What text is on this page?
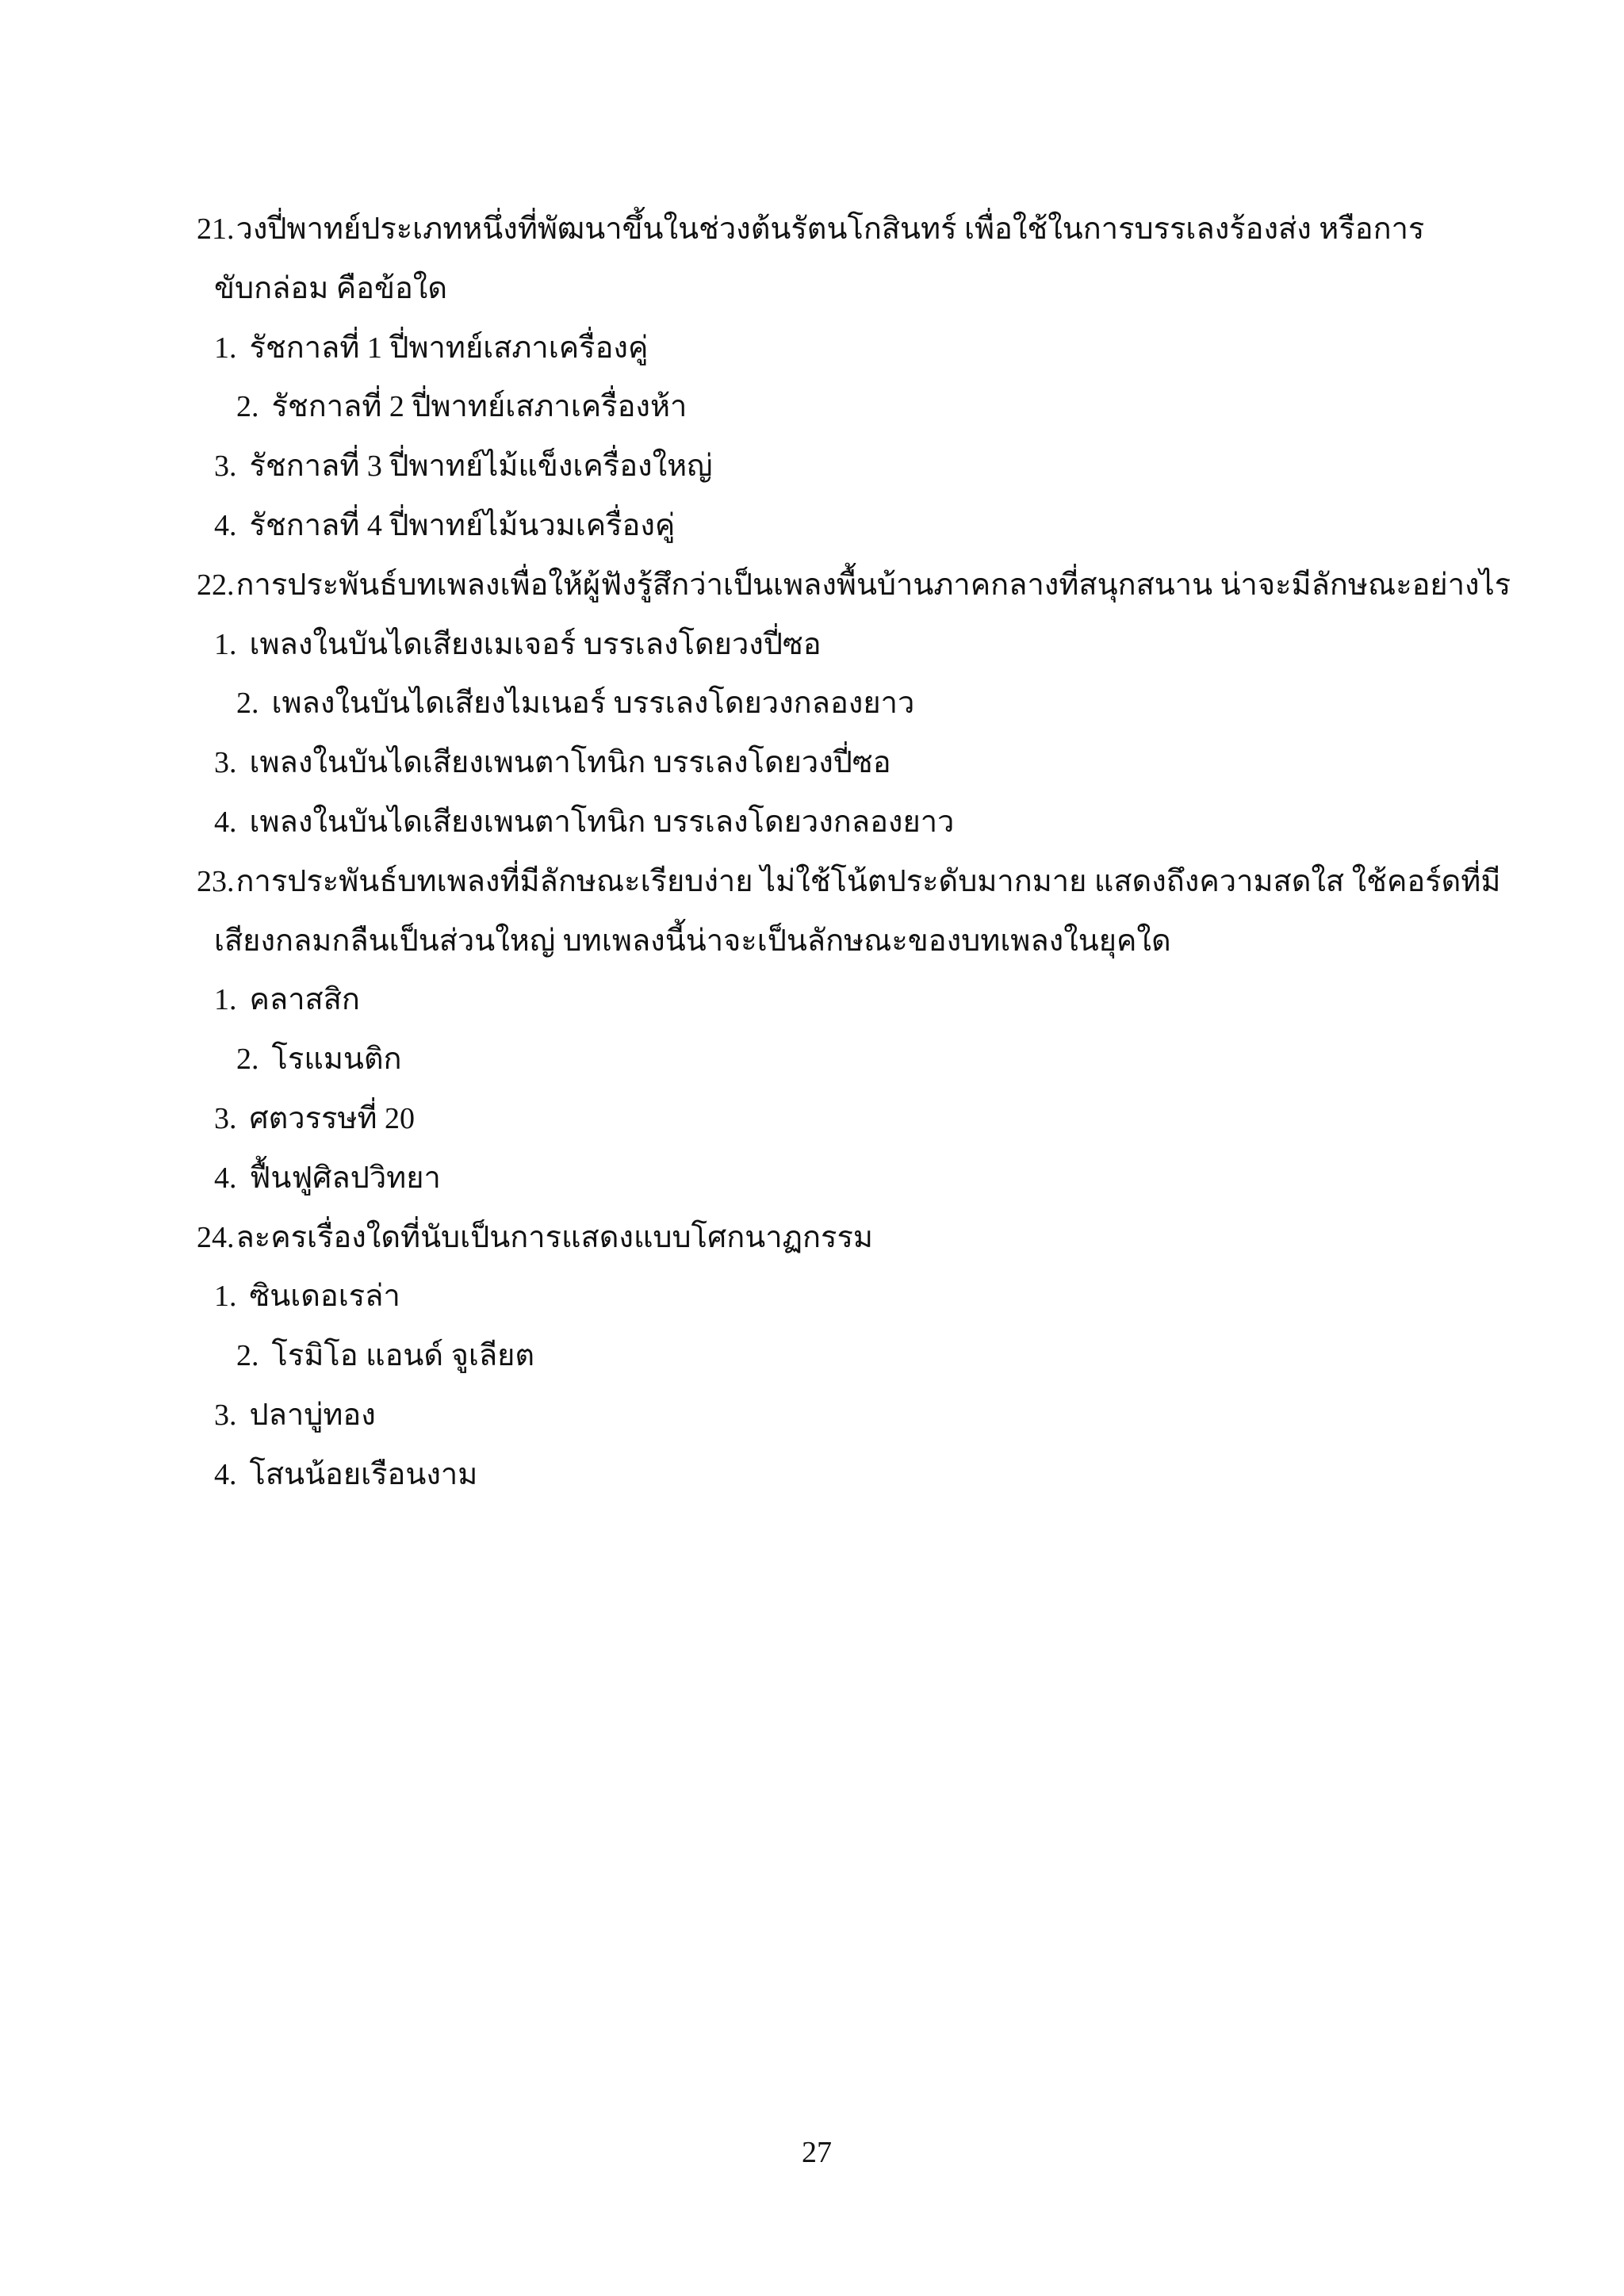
21.วงปี่พาทย์ประเภทหนึ่งที่พัฒนาขึ้นในช่วงต้นรัตนโกสินทร์ เพื่อใช้ในการบรรเลงร้องส่ง หรือการ
ขับกล่อม คือข้อใด
1. รัชกาลที่ 1 ปี่พาทย์เสภาเครื่องคู่
2. รัชกาลที่ 2 ปี่พาทย์เสภาเครื่องห้า
3. รัชกาลที่ 3 ปี่พาทย์ไม้แข็งเครื่องใหญ่
4. รัชกาลที่ 4 ปี่พาทย์ไม้นวมเครื่องคู่
22.การประพันธ์บทเพลงเพื่อให้ผู้ฟังรู้สึกว่าเป็นเพลงพื้นบ้านภาคกลางที่สนุกสนาน น่าจะมีลักษณะอย่างไร
1. เพลงในบันไดเสียงเมเจอร์ บรรเลงโดยวงปี่ซอ
2. เพลงในบันไดเสียงไมเนอร์ บรรเลงโดยวงกลองยาว
3. เพลงในบันไดเสียงเพนตาโทนิก บรรเลงโดยวงปี่ซอ
4. เพลงในบันไดเสียงเพนตาโทนิก บรรเลงโดยวงกลองยาว
23.การประพันธ์บทเพลงที่มีลักษณะเรียบง่าย ไม่ใช้โน้ตประดับมากมาย แสดงถึงความสดใส ใช้คอร์ดที่มี
เสียงกลมกลืนเป็นส่วนใหญ่ บทเพลงนี้น่าจะเป็นลักษณะของบทเพลงในยุคใด
1. คลาสสิก
2. โรแมนติก
3. ศตวรรษที่ 20
4. ฟื้นฟูศิลปวิทยา
24.ละครเรื่องใดที่นับเป็นการแสดงแบบโศกนาฏกรรม
1. ซินเดอเรล่า
2. โรมิโอ แอนด์ จูเลียต
3. ปลาบู่ทอง
4. โสนน้อยเรือนงาม
27
